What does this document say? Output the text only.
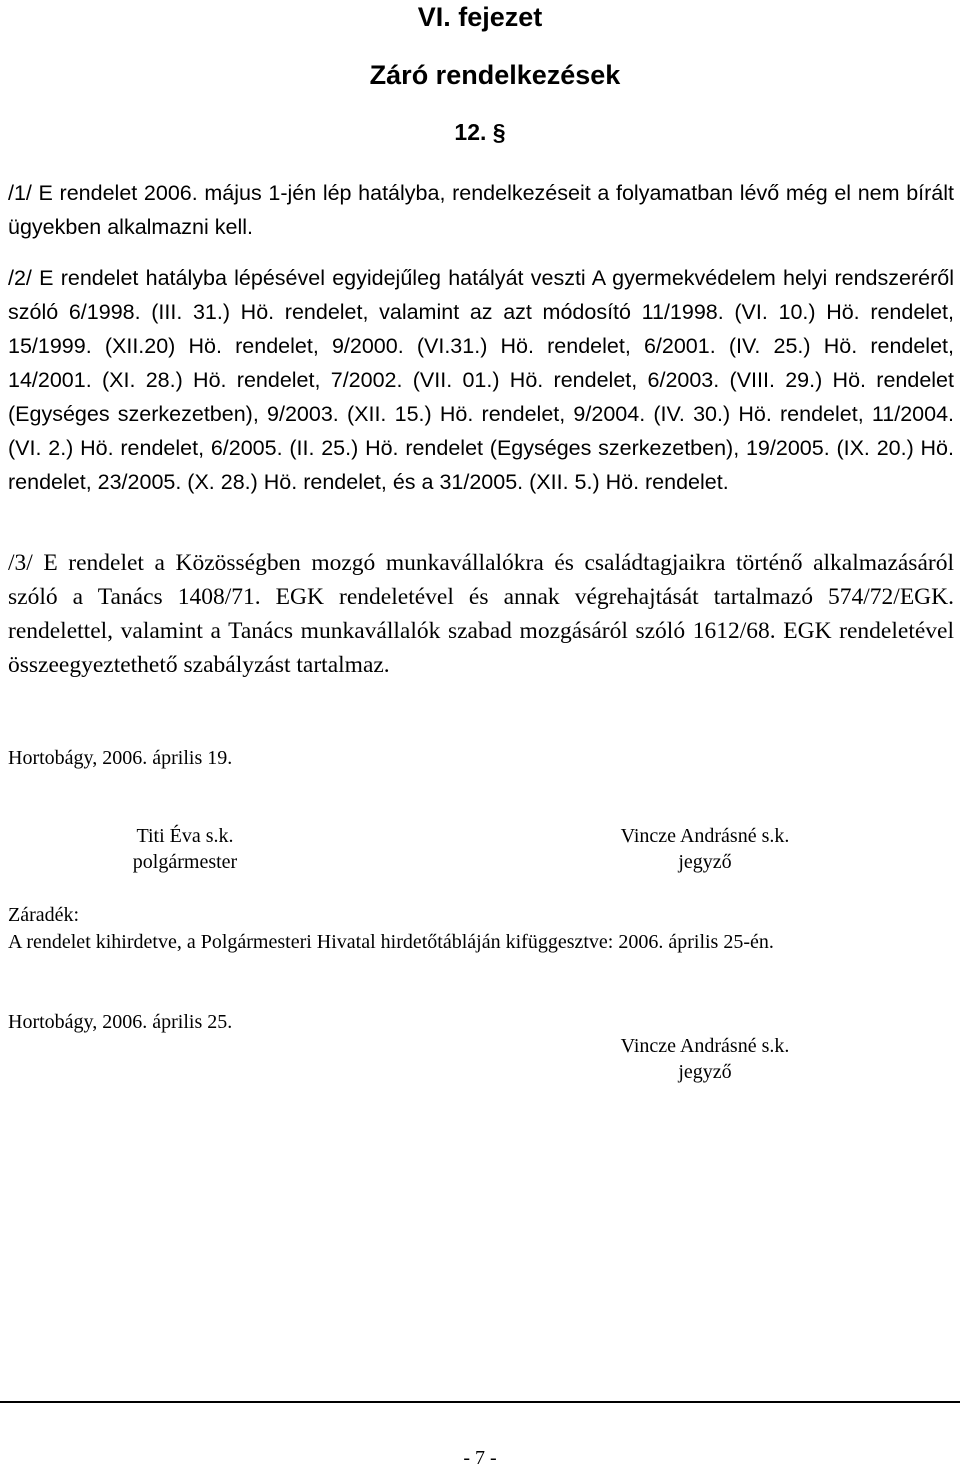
VI. fejezet
Záró rendelkezések
12. §
/1/ E rendelet 2006. május 1-jén lép hatályba, rendelkezéseit a folyamatban lévő még el nem bírált ügyekben alkalmazni kell.
/2/ E rendelet hatályba lépésével egyidejűleg hatályát veszti A gyermekvédelem helyi rendszeréről szóló 6/1998. (III. 31.) Hö. rendelet, valamint az azt módosító 11/1998. (VI. 10.) Hö. rendelet, 15/1999. (XII.20) Hö. rendelet, 9/2000. (VI.31.) Hö. rendelet, 6/2001. (IV. 25.) Hö. rendelet, 14/2001. (XI. 28.) Hö. rendelet, 7/2002. (VII. 01.) Hö. rendelet, 6/2003. (VIII. 29.) Hö. rendelet (Egységes szerkezetben), 9/2003. (XII. 15.) Hö. rendelet, 9/2004. (IV. 30.) Hö. rendelet, 11/2004. (VI. 2.) Hö. rendelet, 6/2005. (II. 25.) Hö. rendelet (Egységes szerkezetben), 19/2005. (IX. 20.) Hö. rendelet, 23/2005. (X. 28.) Hö. rendelet, és a 31/2005. (XII. 5.) Hö. rendelet.
/3/ E rendelet a Közösségben mozgó munkavállalókra és családtagjaikra történő alkalmazásáról szóló a Tanács 1408/71. EGK rendeletével és annak végrehajtását tartalmazó 574/72/EGK. rendelettel, valamint a Tanács munkavállalók szabad mozgásáról szóló 1612/68. EGK rendeletével összeegyeztethető szabályzást tartalmaz.
Hortobágy, 2006. április 19.
Titi Éva s.k.
polgármester
Vincze Andrásné s.k.
jegyző
Záradék:
A rendelet kihirdetve, a Polgármesteri Hivatal hirdetőtábláján kifüggesztve: 2006. április 25-én.
Hortobágy, 2006. április 25.
Vincze Andrásné s.k.
jegyző
- 7 -
